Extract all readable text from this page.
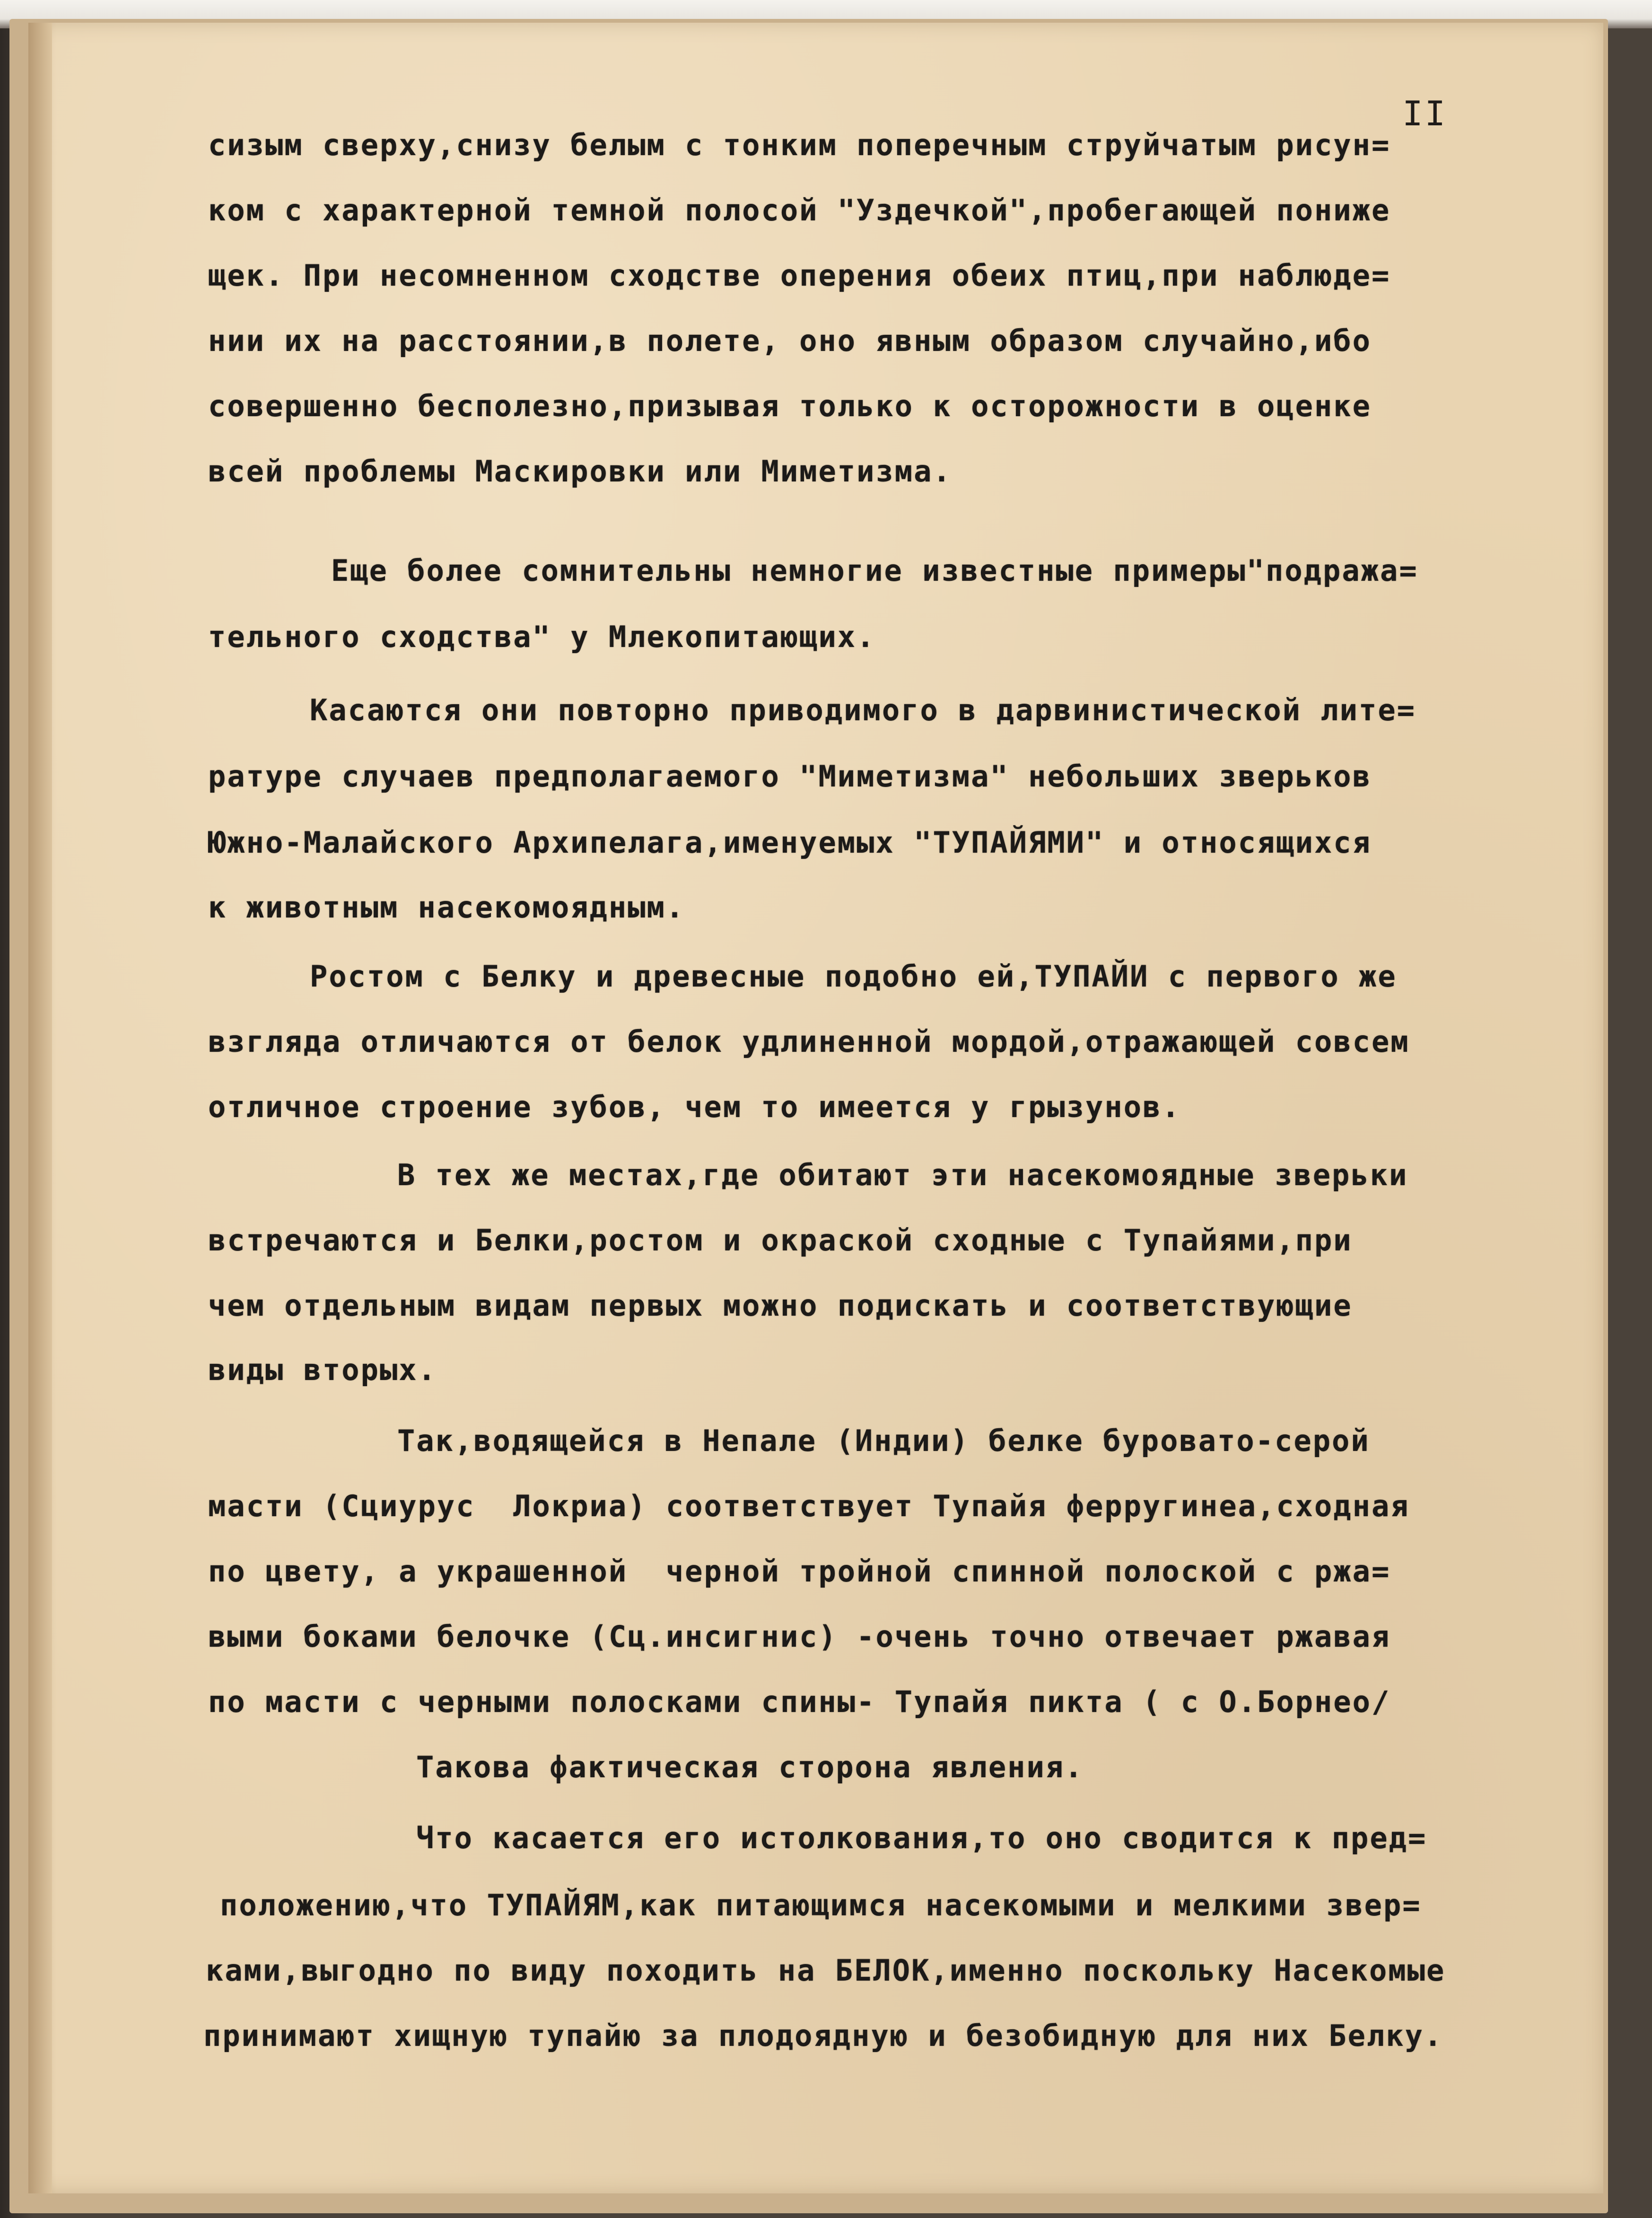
II
сизым сверху,снизу белым с тонким поперечным струйчатым рисун=
ком с характерной темной полосой "Уздечкой",пробегающей пониже
щек. При несомненном сходстве оперения обеих птиц,при наблюде=
нии их на расстоянии,в полете, оно явным образом случайно,ибо
совершенно бесполезно,призывая только к осторожности в оценке
всей проблемы Маскировки или Миметизма.
Еще более сомнительны немногие известные примеры"подража=
тельного сходства" у Млекопитающих.
Касаются они повторно приводимого в дарвинистической лите=
ратуре случаев предполагаемого "Миметизма" небольших зверьков
Южно-Малайского Архипелага,именуемых "ТУПАЙЯМИ" и относящихся
к животным насекомоядным.
Ростом с Белку и древесные подобно ей,ТУПАЙИ с первого же
взгляда отличаются от белок удлиненной мордой,отражающей совсем
отличное строение зубов, чем то имеется у грызунов.
В тех же местах,где обитают эти насекомоядные зверьки
встречаются и Белки,ростом и окраской сходные с Тупайями,при
чем отдельным видам первых можно подискать и соответствующие
виды вторых.
Так,водящейся в Непале (Индии) белке буровато-серой
масти (Сциурус  Локриа) соответствует Тупайя ферругинеа,сходная
по цвету, а украшенной  черной тройной спинной полоской с ржа=
выми боками белочке (Сц.инсигнис) -очень точно отвечает ржавая
по масти с черными полосками спины- Тупайя пикта ( с О.Борнео/
Такова фактическая сторона явления.
Что касается его истолкования,то оно сводится к пред=
положению,что ТУПАЙЯМ,как питающимся насекомыми и мелкими звер=
ками,выгодно по виду походить на БЕЛОК,именно поскольку Насекомые
принимают хищную тупайю за плодоядную и безобидную для них Белку.
